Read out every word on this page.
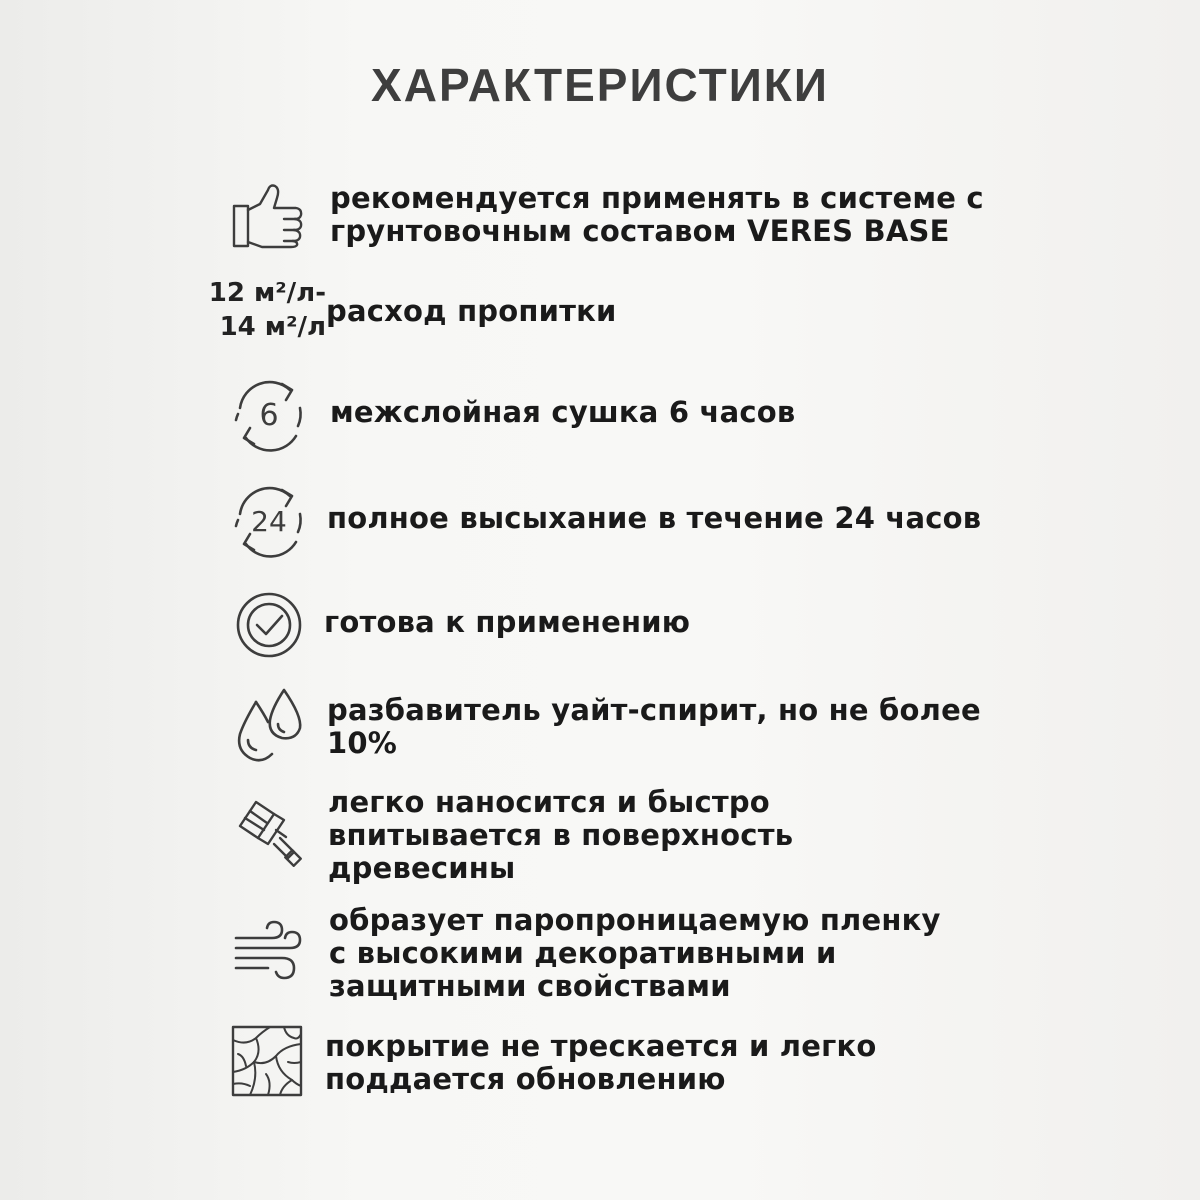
ХАРАКТЕРИСТИКИ
рекомендуется применять в системе с
грунтовочным составом VERES BASE
12 м²/л-
14 м²/л расход пропитки
6 межслойная сушка 6 часов
24 полное высыхание в течение 24 часов
готова к применению
разбавитель уайт-спирит, но не более
10%
легко наносится и быстро
впитывается в поверхность
древесины
образует паропроницаемую пленку
с высокими декоративными и
защитными свойствами
покрытие не трескается и легко
поддается обновлению
